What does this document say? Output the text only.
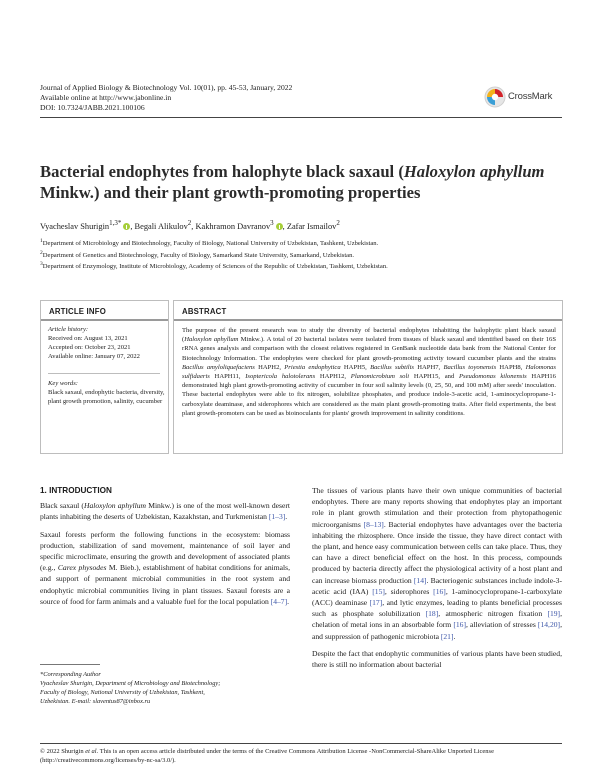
Journal of Applied Biology & Biotechnology Vol. 10(01), pp. 45-53, January, 2022
Available online at http://www.jabonline.in
DOI: 10.7324/JABB.2021.100106
CrossMark
Bacterial endophytes from halophyte black saxaul (Haloxylon aphyllum Minkw.) and their plant growth-promoting properties
Vyacheslav Shurigin$^{1,3*}$ , Begali Alikulov$^2$, Kakhramon Davranov$^3$ , Zafar Ismailov$^2$
$^1$Department of Microbiology and Biotechnology, Faculty of Biology, National University of Uzbekistan, Tashkent, Uzbekistan.
$^2$Department of Genetics and Biotechnology, Faculty of Biology, Samarkand State University, Samarkand, Uzbekistan.
$^3$Department of Enzymology, Institute of Microbiology, Academy of Sciences of the Republic of Uzbekistan, Tashkent, Uzbekistan.
ARTICLE INFO
Article history:
Received on: August 13, 2021
Accepted on: October 23, 2021
Available online: January 07, 2022
Key words:
Black saxaul, endophytic bacteria, diversity, plant growth promotion, salinity, cucumber
ABSTRACT
The purpose of the present research was to study the diversity of bacterial endophytes inhabiting the halophytic plant black saxaul (Haloxylon aphyllum Minkw.). A total of 20 bacterial isolates were isolated from tissues of black saxaul and identified based on their 16S rRNA genes analysis and comparison with the closest relatives registered in GenBank nucleotide data bank from the National Center for Biotechnology Information. The endophytes were checked for plant growth-promoting activity toward cucumber plants and the strains Bacillus amyloliquefaciens HAPH2, Priestia endophytica HAPH5, Bacillus subtilis HAPH7, Bacillus toyonensis HAPH8, Halomonas sulfidaeris HAPH11, Isoptericola halotolerans HAPH12, Planomicrobium soli HAPH15, and Pseudomonas kilonensis HAPH16 demonstrated high plant growth-promoting activity of cucumber in four soil salinity levels (0, 25, 50, and 100 mM) after seeds' inoculation. These bacterial endophytes were able to fix nitrogen, solubilize phosphates, and produce indole-3-acetic acid, 1-aminocyclopropane-1-carboxylate deaminase, and siderophores which are considered as the main plant growth-promoting traits. After field experiments, the best plant growth-promoters can be used as bioinoculants for plants' growth improvement in salinity conditions.
1. INTRODUCTION

Black saxaul (Haloxylon aphyllum Minkw.) is one of the most well-known desert plants inhabiting the deserts of Uzbekistan, Kazakhstan, and Turkmenistan [1–3].

Saxaul forests perform the following functions in the ecosystem: biomass production, stabilization of sand movement, maintenance of soil layer and specific microclimate, ensuring the growth and development of associated plants (e.g., Carex physodes M. Bieb.), establishment of habitat conditions for animals, and support of permanent microbial communities in the root system and endophytic microbial communities living in plant tissues. Saxaul forests are a source of food for farm animals and a valuable fuel for the local population [4–7].

The tissues of various plants have their own unique communities of bacterial endophytes. There are many reports showing that endophytes play an important role in plant growth stimulation and their protection from phytopathogenic microorganisms [8–13]. Bacterial endophytes have advantages over the bacteria inhabiting the rhizosphere. Once inside the tissue, they have direct contact with the plant, and hence easy communication between cells can take place. Thus, they can have a direct beneficial effect on the host. In this process, compounds produced by bacteria directly affect the physiological activity of a host plant and can increase biomass production [14]. Bacteriogenic substances include indole-3-acetic acid (IAA) [15], siderophores [16], 1-aminocyclopropane-1-carboxylate (ACC) deaminase [17], and lytic enzymes, leading to plants beneficial processes such as phosphate solubilization [18], atmospheric nitrogen fixation [19], chelation of metal ions in an absorbable form [16], alleviation of stresses [14,20], and suppression of pathogenic microbiota [21].

Despite the fact that endophytic communities of various plants have been studied, there is still no information about bacterial

*Corresponding Author
Vyacheslav Shurigin, Department of Microbiology and Biotechnology;
Faculty of Biology, National University of Uzbekistan, Tashkent,
Uzbekistan. E-mail: slaventus87@inbox.ru
© 2022 Shurigin et al. This is an open access article distributed under the terms of the Creative Commons Attribution License -NonCommercial-ShareAlike Unported License (http://creativecommons.org/licenses/by-nc-sa/3.0/).
